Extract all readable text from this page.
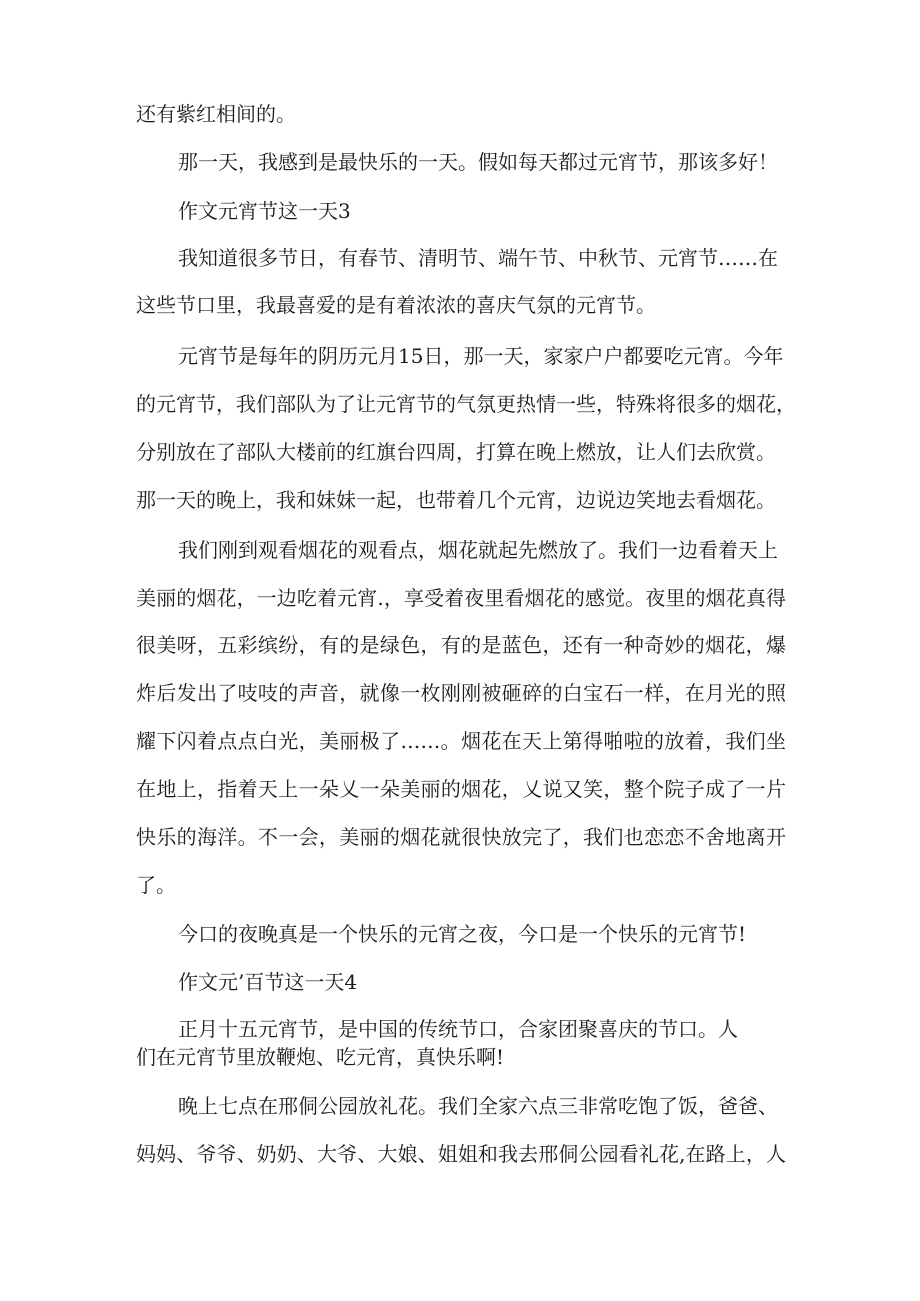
还有紫红相间的。
那一天，我感到是最快乐的一天。假如每天都过元宵节，那该多好！
作文元宵节这一天3
我知道很多节日，有春节、清明节、端午节、中秋节、元宵节……在
这些节口里，我最喜爱的是有着浓浓的喜庆气氛的元宵节。
元宵节是每年的阴历元月15日，那一天，家家户户都要吃元宵。今年
的元宵节，我们部队为了让元宵节的气氛更热情一些，特殊将很多的烟花，
分别放在了部队大楼前的红旗台四周，打算在晚上燃放，让人们去欣赏。
那一天的晚上，我和妹妹一起，也带着几个元宵，边说边笑地去看烟花。
我们刚到观看烟花的观看点，烟花就起先燃放了。我们一边看着天上
美丽的烟花，一边吃着元宵.，享受着夜里看烟花的感觉。夜里的烟花真得
很美呀，五彩缤纷，有的是绿色，有的是蓝色，还有一种奇妙的烟花，爆
炸后发出了吱吱的声音，就像一枚刚刚被砸碎的白宝石一样，在月光的照
耀下闪着点点白光，美丽极了……。烟花在天上第得啪啦的放着，我们坐
在地上，指着天上一朵乂一朵美丽的烟花，乂说又笑，整个院子成了一片
快乐的海洋。不一会，美丽的烟花就很快放完了，我们也恋恋不舍地离开
了。
今口的夜晚真是一个快乐的元宵之夜，今口是一个快乐的元宵节!
作文元’百节这一天4
正月十五元宵节，是中国的传统节口，合家团聚喜庆的节口。人
们在元宵节里放鞭炮、吃元宵，真快乐啊!
晚上七点在邢侗公园放礼花。我们全家六点三非常吃饱了饭，爸爸、
妈妈、爷爷、奶奶、大爷、大娘、姐姐和我去邢侗公园看礼花,在路上，人
